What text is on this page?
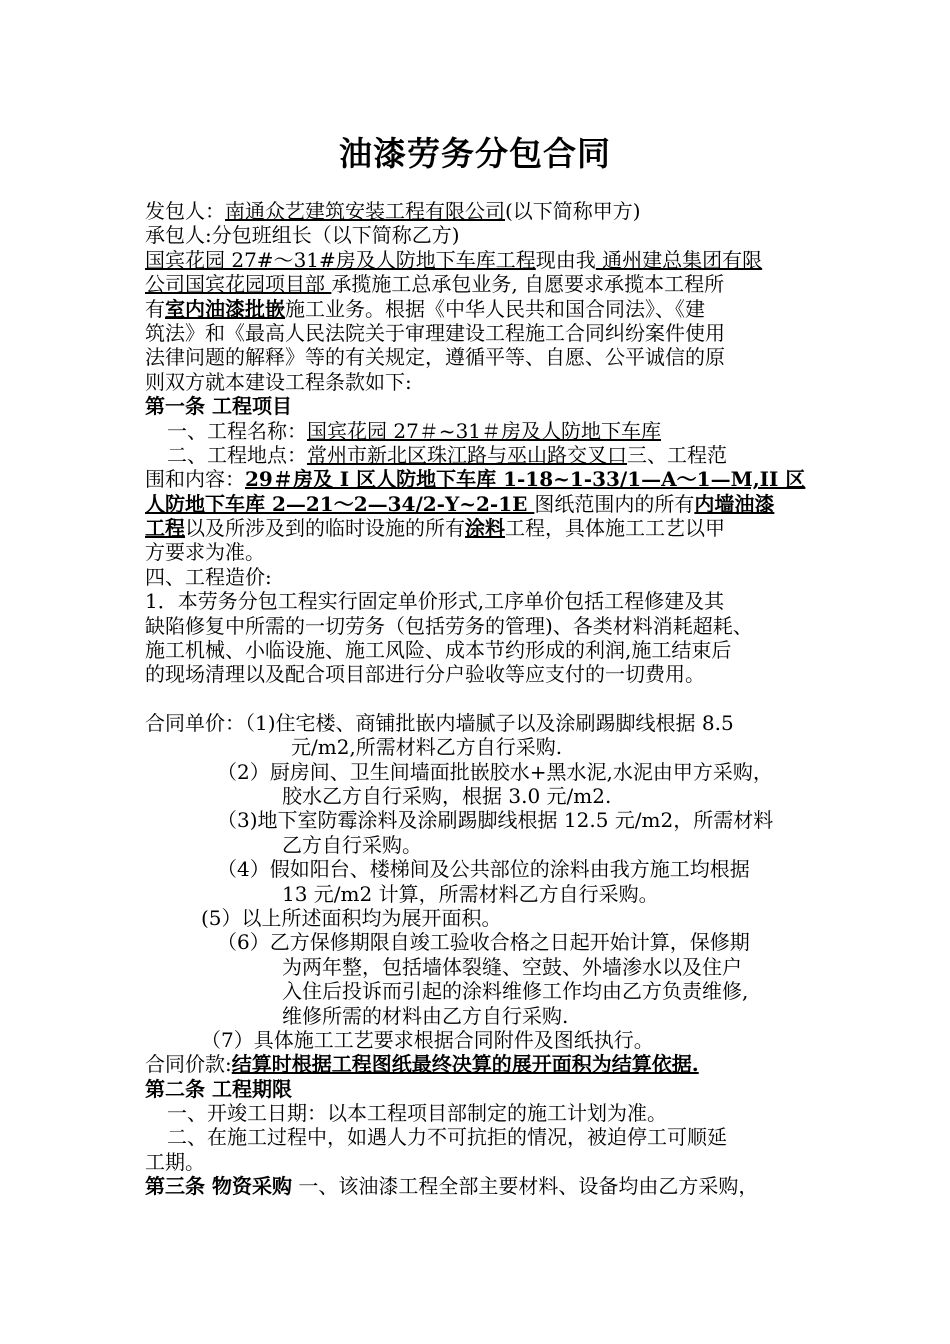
油漆劳务分包合同
发包人：南通众艺建筑安装工程有限公司(以下简称甲方)
承包人:分包班组长（以下简称乙方)
国宾花园 27#～31#房及人防地下车库工程现由我 通州建总集团有限
公司国宾花园项目部 承揽施工总承包业务, 自愿要求承揽本工程所
有室内油漆批嵌施工业务。根据《中华人民共和国合同法》、《建
筑法》和《最高人民法院关于审理建设工程施工合同纠纷案件使用
法律问题的解释》等的有关规定，遵循平等、自愿、公平诚信的原
则双方就本建设工程条款如下:
第一条 工程项目
一、工程名称：国宾花园 27＃~31＃房及人防地下车库
二、工程地点：常州市新北区珠江路与巫山路交叉口三、工程范
围和内容：29＃房及 I 区人防地下车库 1-18~1-33/1—A～1—M,II 区
人防地下车库 2—21～2—34/2-Y~2-1E 图纸范围内的所有内墙油漆
工程以及所涉及到的临时设施的所有涂料工程，具体施工工艺以甲
方要求为准。
四、工程造价:
1．本劳务分包工程实行固定单价形式,工序单价包括工程修建及其
缺陷修复中所需的一切劳务（包括劳务的管理)、各类材料消耗超耗、
施工机械、小临设施、施工风险、成本节约形成的利润,施工结束后
的现场清理以及配合项目部进行分户验收等应支付的一切费用。
合同单价：（1)住宅楼、商铺批嵌内墙腻子以及涂刷踢脚线根据 8.5
元/m2,所需材料乙方自行采购.
（2）厨房间、卫生间墙面批嵌胶水+黑水泥,水泥由甲方采购，
胶水乙方自行采购，根据 3.0 元/m2.
（3)地下室防霉涂料及涂刷踢脚线根据 12.5 元/m2，所需材料
乙方自行采购。
（4）假如阳台、楼梯间及公共部位的涂料由我方施工均根据
13 元/m2 计算，所需材料乙方自行采购。
(5）以上所述面积均为展开面积。
（6）乙方保修期限自竣工验收合格之日起开始计算，保修期
为两年整，包括墙体裂缝、空鼓、外墙渗水以及住户
入住后投诉而引起的涂料维修工作均由乙方负责维修,
维修所需的材料由乙方自行采购.
（7）具体施工工艺要求根据合同附件及图纸执行。
合同价款:结算时根据工程图纸最终决算的展开面积为结算依据.
第二条 工程期限
一、开竣工日期：以本工程项目部制定的施工计划为准。
二、在施工过程中，如遇人力不可抗拒的情况，被迫停工可顺延
工期。
第三条 物资采购 一、该油漆工程全部主要材料、设备均由乙方采购，
